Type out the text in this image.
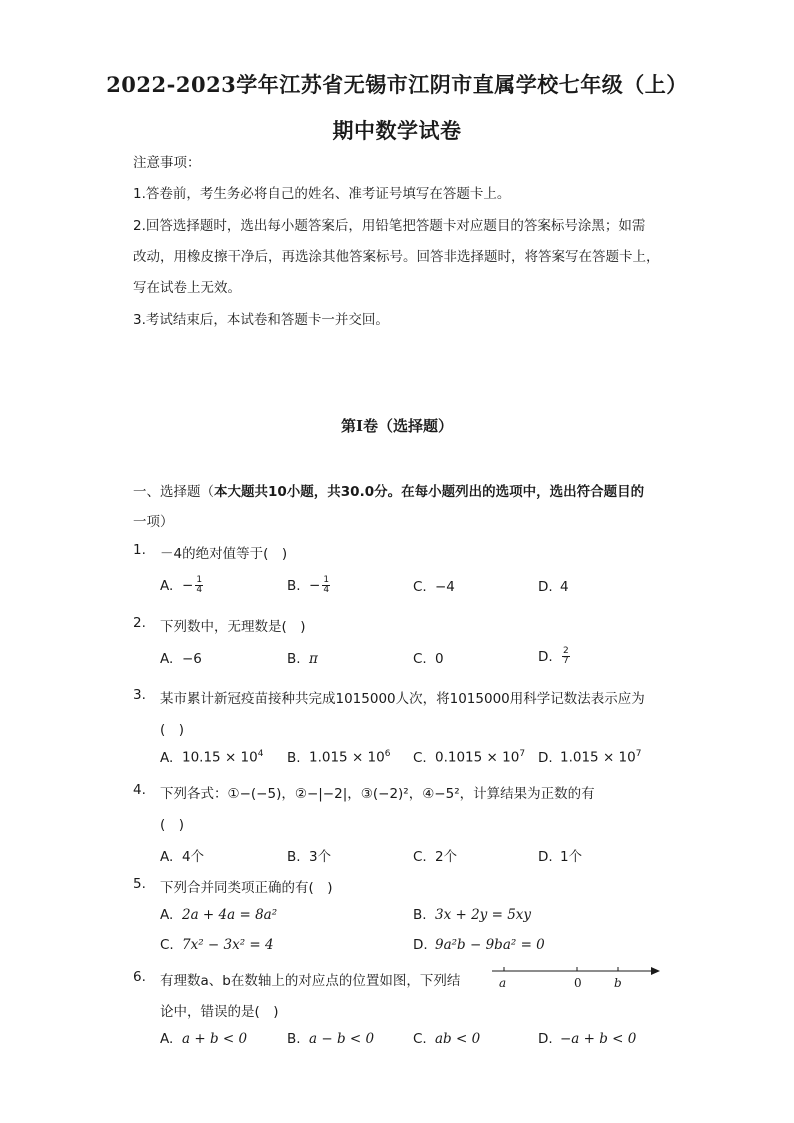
2022-2023学年江苏省无锡市江阴市直属学校七年级（上）
期中数学试卷
注意事项：
1.答卷前，考生务必将自己的姓名、准考证号填写在答题卡上。
2.回答选择题时，选出每小题答案后，用铅笔把答题卡对应题目的答案标号涂黑；如需
改动，用橡皮擦干净后，再选涂其他答案标号。回答非选择题时，将答案写在答题卡上，
写在试卷上无效。
3.考试结束后，本试卷和答题卡一并交回。
第Ⅰ卷（选择题）
一、选择题（本大题共10小题，共30.0分。在每小题列出的选项中，选出符合题目的
一项）
1. －4的绝对值等于(　)
A. − $\frac{1}{4}$	B. − $\frac{1}{4}$	C. −4	D. 4
2. 下列数中，无理数是(　)
A. −6	B. π	C. 0	D. $\frac{2}{7}$
3. 某市累计新冠疫苗接种共完成1015000人次，将1015000用科学记数法表示应为
(　)
A. $10.15 \times 10^4$ B. $1.015 \times 10^6$ C. $0.1015 \times 10^7$ D. $1.015 \times 10^7$
4. 下列各式：①−(−5)，②−|−2|，③(−2)²，④−5²，计算结果为正数的有
(　)
A. 4个	B. 3个	C. 2个	D. 1个
5. 下列合并同类项正确的有(　)
A. 2a + 4a = 8a²	B. 3x + 2y = 5xy
C. 7x² − 3x² = 4	D. 9a²b − 9ba² = 0
6. 有理数a、b在数轴上的对应点的位置如图，下列结
论中，错误的是(　)
a	0	b
A. a + b < 0	B. a − b < 0	C. ab < 0	D. −a + b < 0
